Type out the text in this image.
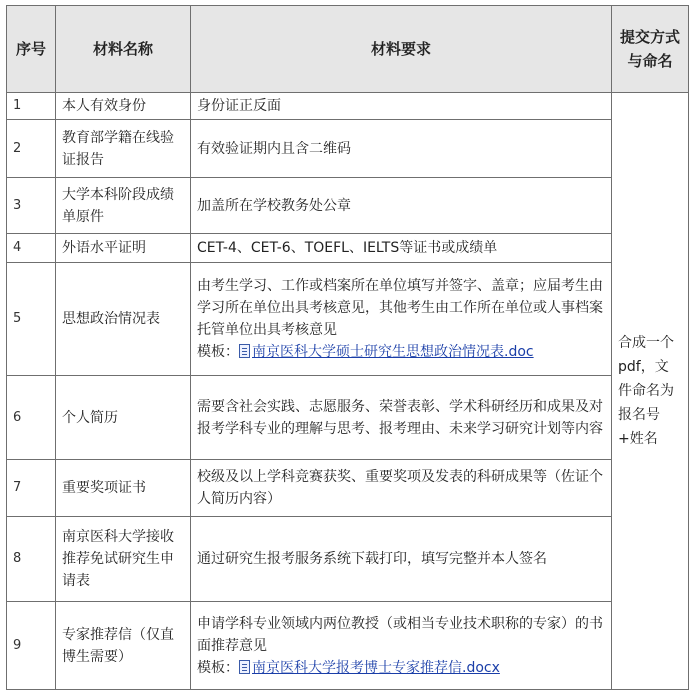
序号	材料名称	材料要求	提交方式与命名
1	本人有效身份	身份证正反面	合成一个pdf，文件命名为报名号+姓名
2	教育部学籍在线验证报告	有效验证期内且含二维码	
3	大学本科阶段成绩单原件	加盖所在学校教务处公章	
4	外语水平证明	CET-4、CET-6、TOEFL、IELTS等证书或成绩单	
5	思想政治情况表	由考生学习、工作或档案所在单位填写并签字、盖章；应届考生由学习所在单位出具考核意见，其他考生由工作所在单位或人事档案托管单位出具考核意见
模板： 南京医科大学硕士研究生思想政治情况表.doc	
6	个人简历	需要含社会实践、志愿服务、荣誉表彰、学术科研经历和成果及对报考学科专业的理解与思考、报考理由、未来学习研究计划等内容	
7	重要奖项证书	校级及以上学科竞赛获奖、重要奖项及发表的科研成果等（佐证个人简历内容）	
8	南京医科大学接收推荐免试研究生申请表	通过研究生报考服务系统下载打印，填写完整并本人签名	
9	专家推荐信（仅直博生需要）	申请学科专业领域内两位教授（或相当专业技术职称的专家）的书面推荐意见
模板： 南京医科大学报考博士专家推荐信.docx	
